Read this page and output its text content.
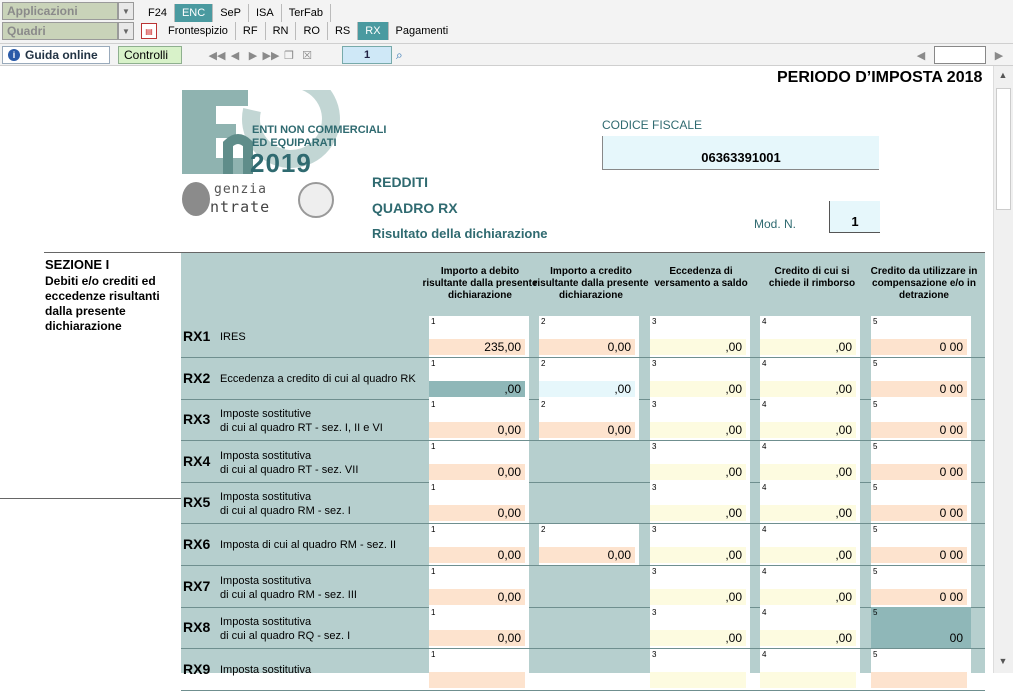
Applicazioni	▼
Quadri	▼
F24	ENC	SeP	ISA	TerFab
▤	Frontespizio	RF	RN	RO	RS	RX	Pagamenti
i Guida online Controlli	◀◀ ◀ ▶ ▶▶ ❐ ☒	1	⌕	◀	▶
PERIODO D’IMPOSTA 2018
ENTI NON COMMERCIALI
ED EQUIPARATI
2019
genzia
ntrate
CODICE FISCALE
06363391001
REDDITI
QUADRO RX
Risultato della dichiarazione
Mod. N.	1
SEZIONE I
Debiti e/o crediti ed eccedenze risultanti dalla presente dichiarazione
Importo a debito risultante dalla presente dichiarazione
Importo a credito risultante dalla presente dichiarazione
Eccedenza di versamento a saldo
Credito di cui si chiede il rimborso
Credito da utilizzare in compensazione e/o in detrazione
RX1 IRES
1
235,00
2
0,00
3
,00
4
,00
5
0 00
RX2 Eccedenza a credito di cui al quadro RK
1
,00
2
,00
3
,00
4
,00
5
0 00
RX3 Imposte sostitutive
di cui al quadro RT - sez. I, II e VI
1
0,00
2
0,00
3
,00
4
,00
5
0 00
RX4 Imposta sostitutiva
di cui al quadro RT - sez. VII
1
0,00
3
,00
4
,00
5
0 00
RX5 Imposta sostitutiva
di cui al quadro RM - sez. I
1
0,00
3
,00
4
,00
5
0 00
RX6 Imposta di cui al quadro RM - sez. II
1
0,00
2
0,00
3
,00
4
,00
5
0 00
RX7 Imposta sostitutiva
di cui al quadro RM - sez. III
1
0,00
3
,00
4
,00
5
0 00
RX8 Imposta sostitutiva
di cui al quadro RQ - sez. I
1
0,00
3
,00
4
,00
5
00
RX9 Imposta sostitutiva
1	3	4	5
▲
▼
